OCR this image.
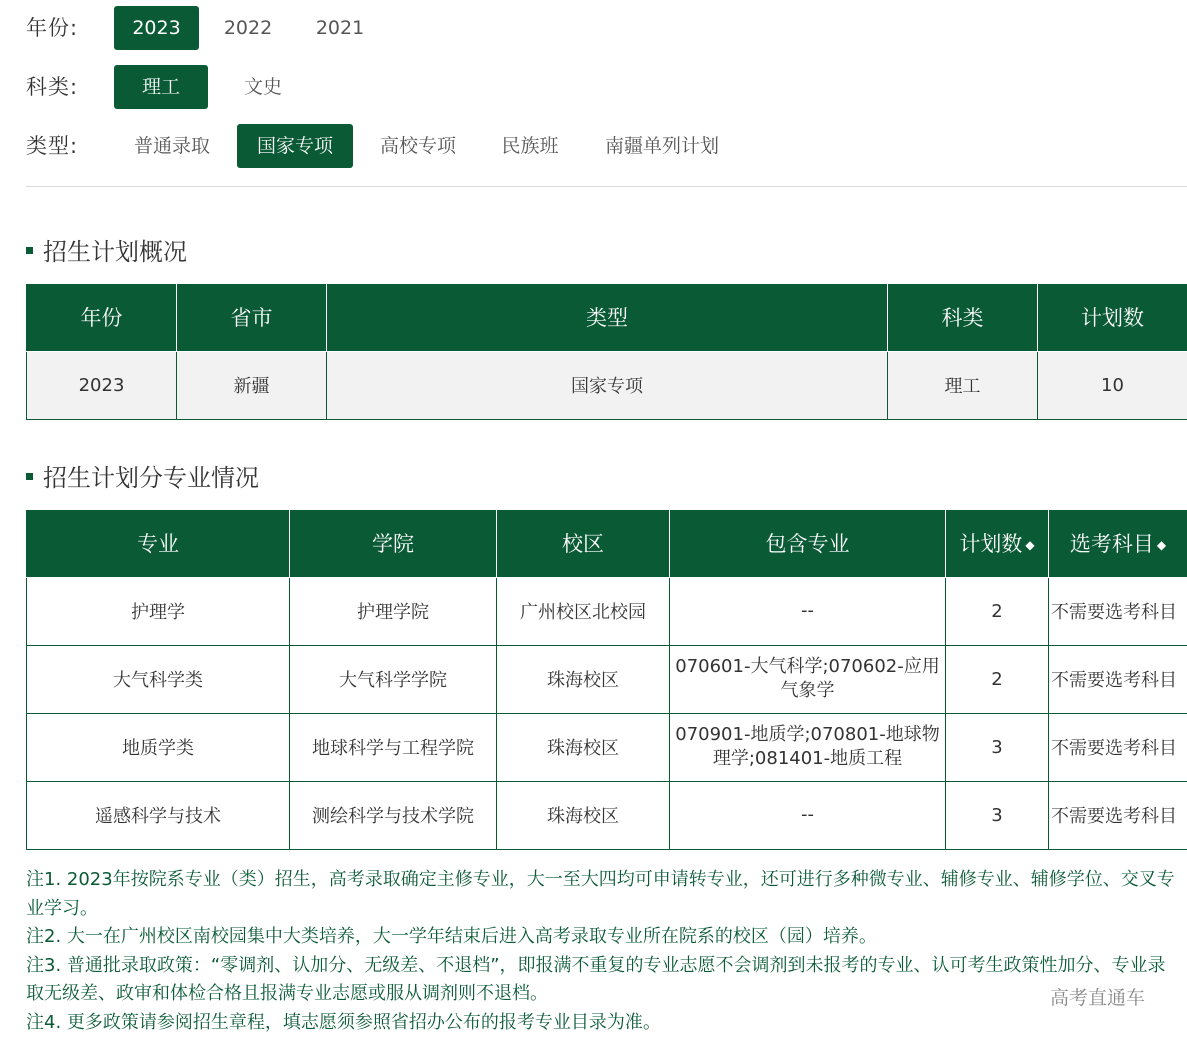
年份:	2023	2022	2021
科类:	理工	文史
类型:	普通录取	国家专项	高校专项	民族班	南疆单列计划
招生计划概况
年份	省市	类型	科类	计划数
2023	新疆	国家专项	理工	10
招生计划分专业情况
专业	学院	校区	包含专业	计划数 ◆	选考科目 ◆
护理学	护理学院	广州校区北校园	--	2	不需要选考科目
大气科学类	大气科学学院	珠海校区	070601-大气科学;070602-应用气象学	2	不需要选考科目
地质学类	地球科学与工程学院	珠海校区	070901-地质学;070801-地球物理学;081401-地质工程	3	不需要选考科目
遥感科学与技术	测绘科学与技术学院	珠海校区	--	3	不需要选考科目

注1. 2023年按院系专业（类）招生，高考录取确定主修专业，大一至大四均可申请转专业，还可进行多种微专业、辅修专业、辅修学位、交叉专业学习。

注2. 大一在广州校区南校园集中大类培养，大一学年结束后进入高考录取专业所在院系的校区（园）培养。

注3. 普通批录取政策：“零调剂、认加分、无级差、不退档”，即报满不重复的专业志愿不会调剂到未报考的专业、认可考生政策性加分、专业录取无级差、政审和体检合格且报满专业志愿或服从调剂则不退档。

注4. 更多政策请参阅招生章程，填志愿须参照省招办公布的报考专业目录为准。

高考直通车
